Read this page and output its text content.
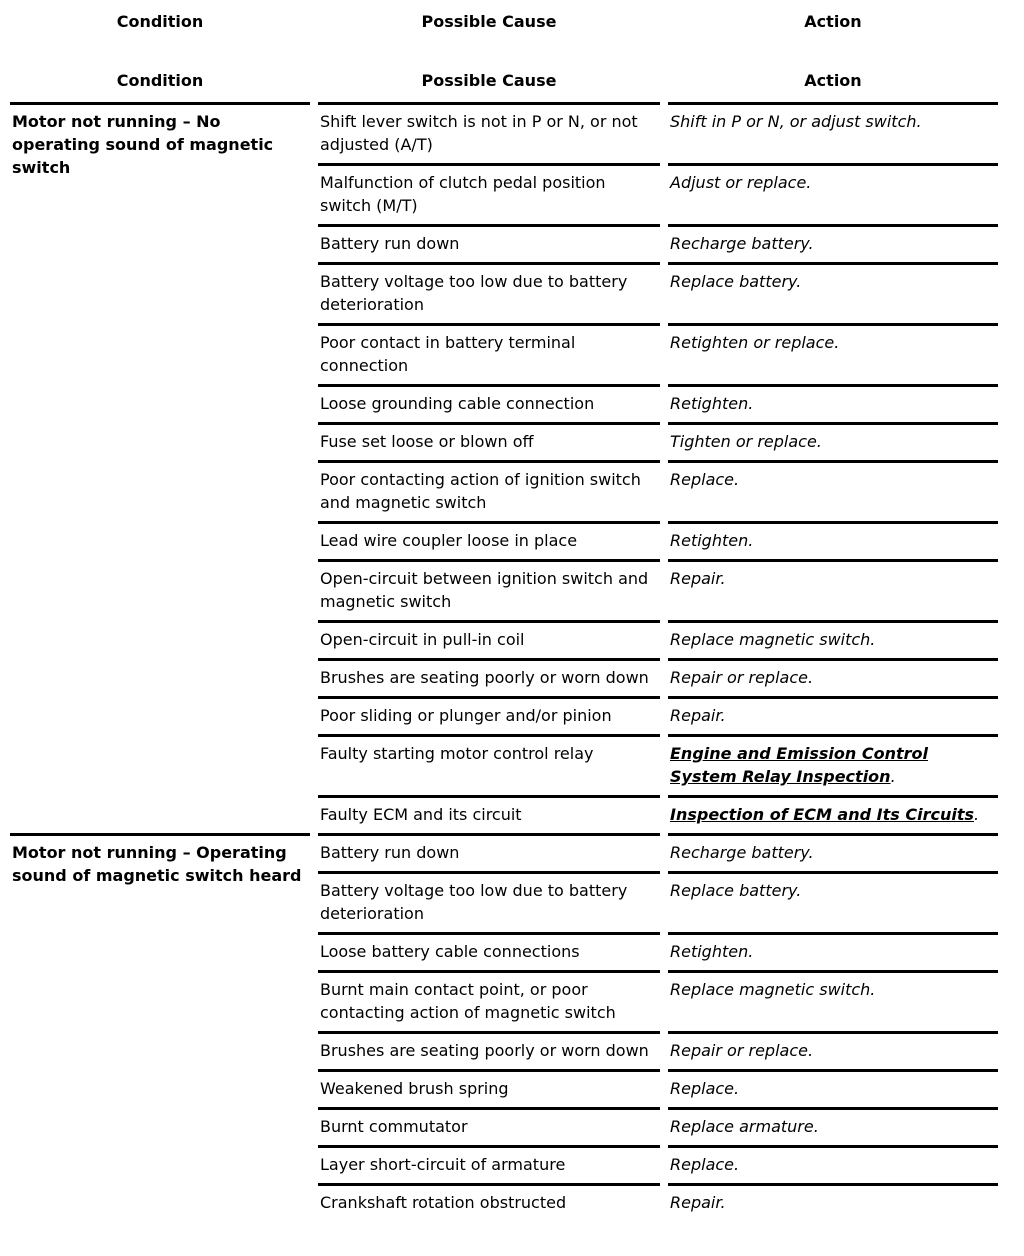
Condition	Possible Cause	Action
Condition	Possible Cause	Action
Motor not running – No operating sound of magnetic switch	Shift lever switch is not in P or N, or not adjusted (A/T)	Shift in P or N, or adjust switch.
	Malfunction of clutch pedal position switch (M/T)	Adjust or replace.
	Battery run down	Recharge battery.
	Battery voltage too low due to battery deterioration	Replace battery.
	Poor contact in battery terminal connection	Retighten or replace.
	Loose grounding cable connection	Retighten.
	Fuse set loose or blown off	Tighten or replace.
	Poor contacting action of ignition switch and magnetic switch	Replace.
	Lead wire coupler loose in place	Retighten.
	Open-circuit between ignition switch and magnetic switch	Repair.
	Open-circuit in pull-in coil	Replace magnetic switch.
	Brushes are seating poorly or worn down	Repair or replace.
	Poor sliding or plunger and/or pinion	Repair.
	Faulty starting motor control relay	Engine and Emission Control System Relay Inspection.
	Faulty ECM and its circuit	Inspection of ECM and Its Circuits.
Motor not running – Operating sound of magnetic switch heard	Battery run down	Recharge battery.
	Battery voltage too low due to battery deterioration	Replace battery.
	Loose battery cable connections	Retighten.
	Burnt main contact point, or poor contacting action of magnetic switch	Replace magnetic switch.
	Brushes are seating poorly or worn down	Repair or replace.
	Weakened brush spring	Replace.
	Burnt commutator	Replace armature.
	Layer short-circuit of armature	Replace.
	Crankshaft rotation obstructed	Repair.
